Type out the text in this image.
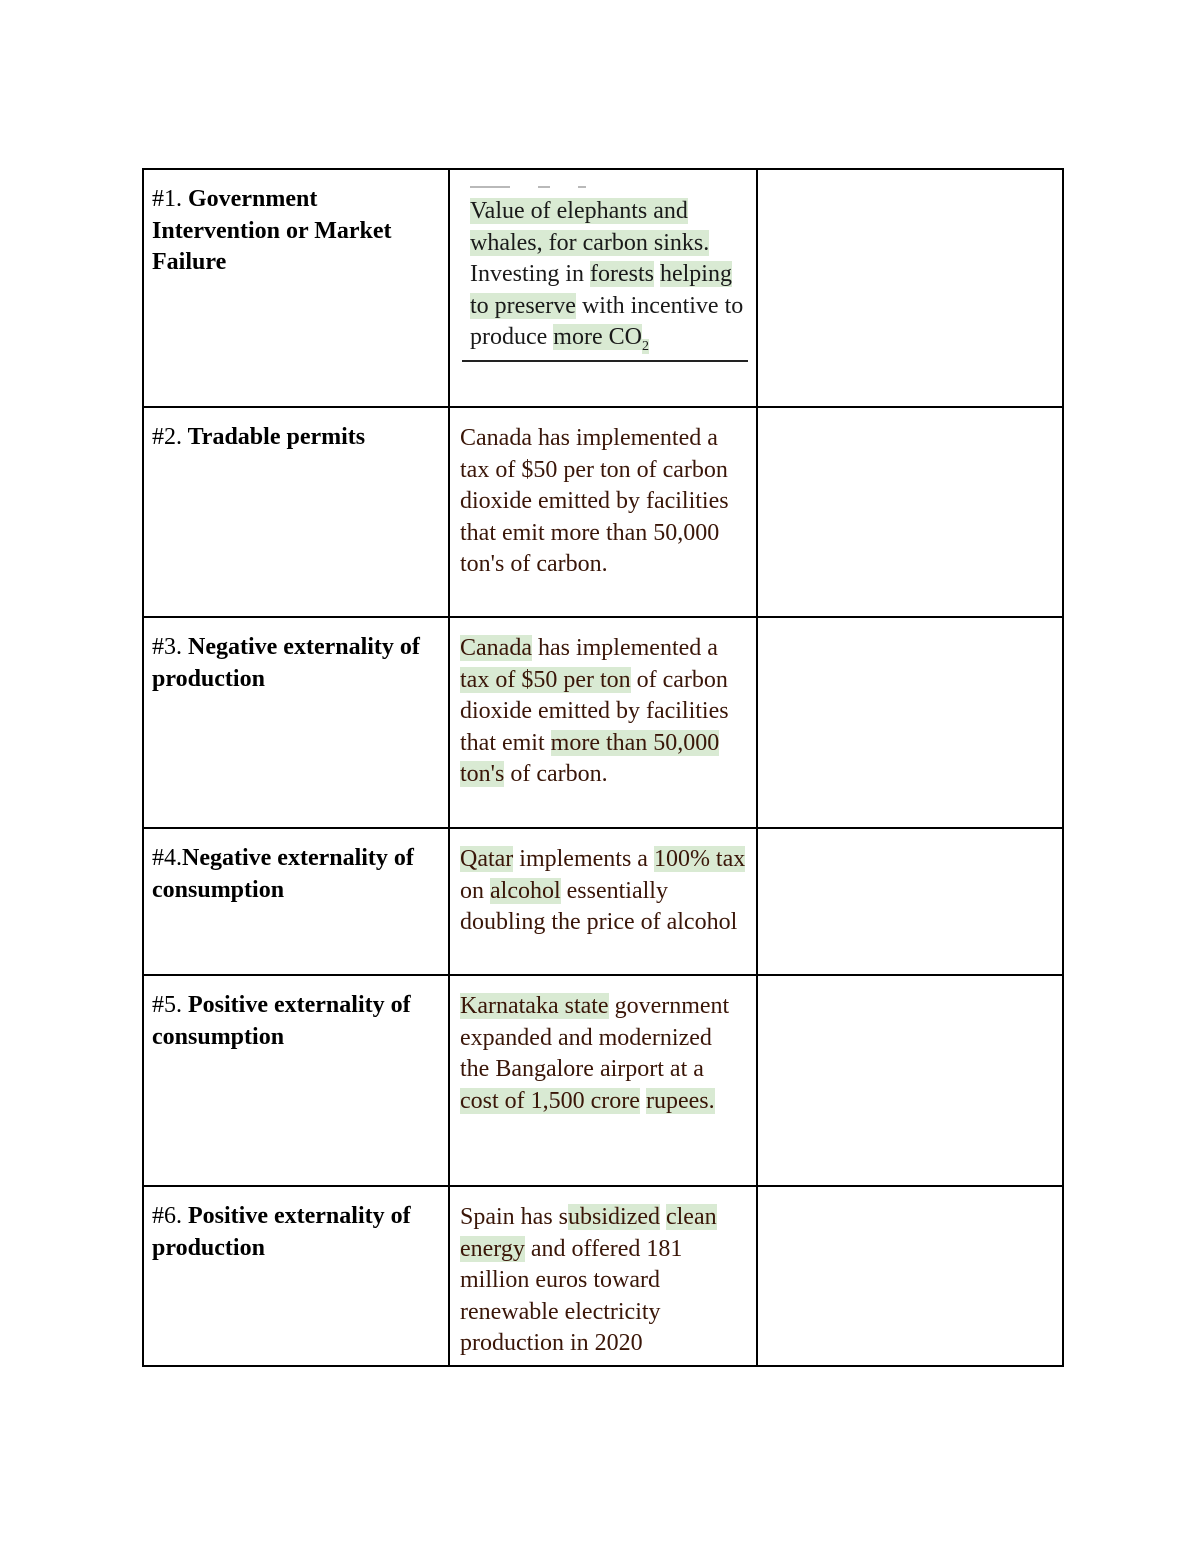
#1. Government Intervention or Market Failure	Value of elephants and whales, for carbon sinks. Investing in forests helping to preserve with incentive to produce more $CO_2$

#2. Tradable permits	Canada has implemented a tax of $50 per ton of carbon dioxide emitted by facilities that emit more than 50,000 ton's of carbon.	

#3. Negative externality of production	Canada has implemented a tax of $50 per ton of carbon dioxide emitted by facilities that emit more than 50,000 ton's of carbon.	

#4.Negative externality of consumption	Qatar implements a 100% tax on alcohol essentially doubling the price of alcohol	

#5. Positive externality of consumption	Karnataka state government expanded and modernized the Bangalore airport at a cost of 1,500 crore rupees.	

#6. Positive externality of production	Spain has subsidized clean energy and offered 181 million euros toward renewable electricity production in 2020	
